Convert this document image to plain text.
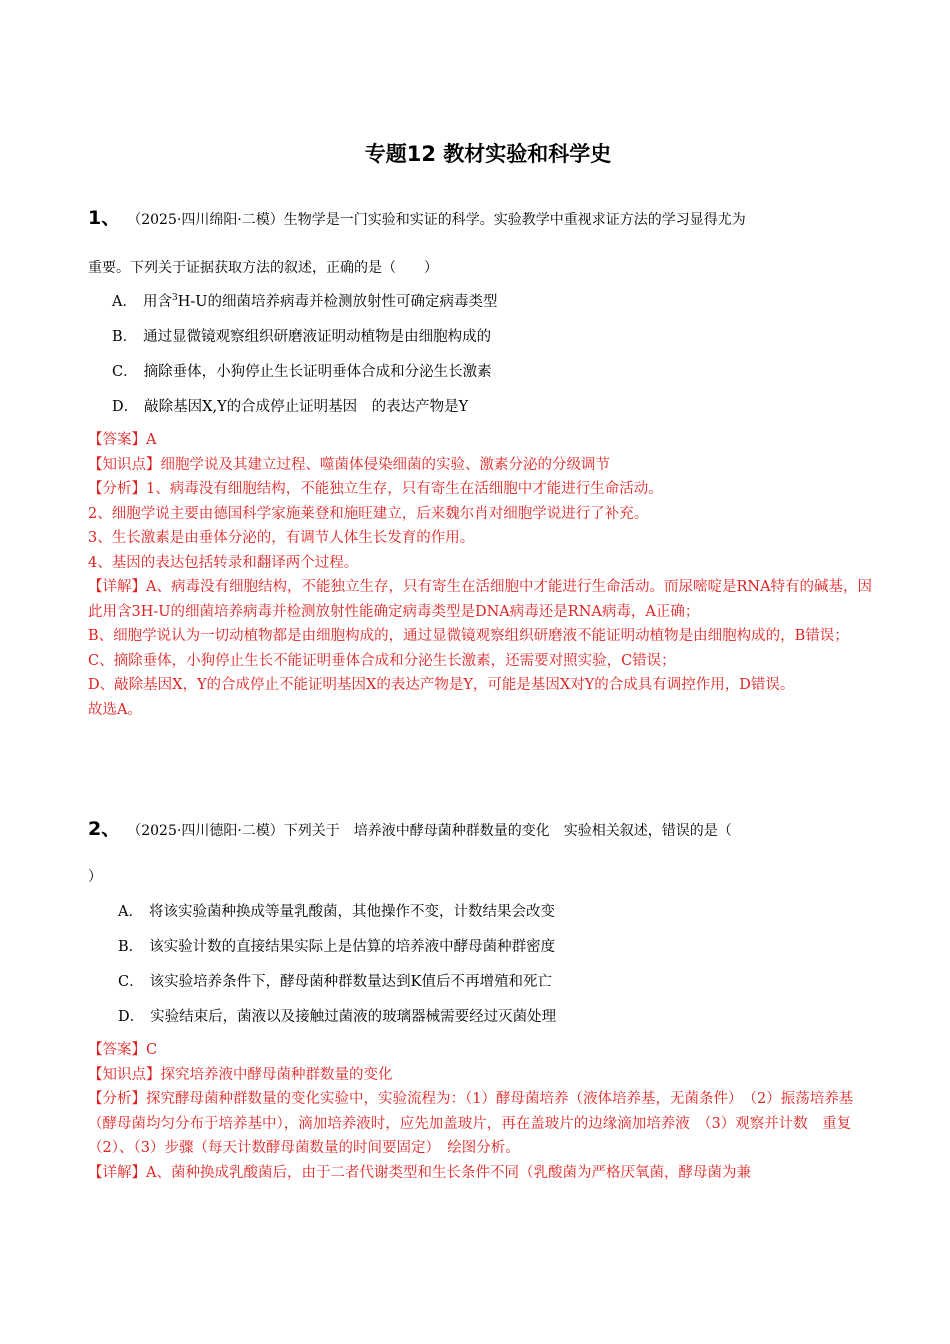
专题12 教材实验和科学史
1、 （2025·四川绵阳·二模）生物学是一门实验和实证的科学。实验教学中重视求证方法的学习显得尤为
重要。下列关于证据获取方法的叙述，正确的是（　　）
A． 用含$^3$H-U的细菌培养病毒并检测放射性可确定病毒类型
B． 通过显微镜观察组织研磨液证明动植物是由细胞构成的
C． 摘除垂体，小狗停止生长证明垂体合成和分泌生长激素
D． 敲除基因X,Y的合成停止证明基因　的表达产物是Y
【答案】A
【知识点】细胞学说及其建立过程、噬菌体侵染细菌的实验、激素分泌的分级调节
【分析】1、病毒没有细胞结构，不能独立生存，只有寄生在活细胞中才能进行生命活动。
2、细胞学说主要由德国科学家施莱登和施旺建立，后来魏尔肖对细胞学说进行了补充。
3、生长激素是由垂体分泌的，有调节人体生长发育的作用。
4、基因的表达包括转录和翻译两个过程。
【详解】A、病毒没有细胞结构，不能独立生存，只有寄生在活细胞中才能进行生命活动。而尿嘧啶是RNA特有的碱基，因此用含3H-U的细菌培养病毒并检测放射性能确定病毒类型是DNA病毒还是RNA病毒，A正确；
B、细胞学说认为一切动植物都是由细胞构成的，通过显微镜观察组织研磨液不能证明动植物是由细胞构成的，B错误；
C、摘除垂体，小狗停止生长不能证明垂体合成和分泌生长激素，还需要对照实验，C错误；
D、敲除基因X，Y的合成停止不能证明基因X的表达产物是Y，可能是基因X对Y的合成具有调控作用，D错误。
故选A。
2、 （2025·四川德阳·二模）下列关于　培养液中酵母菌种群数量的变化　实验相关叙述，错误的是（
）
A． 将该实验菌种换成等量乳酸菌，其他操作不变，计数结果会改变
B． 该实验计数的直接结果实际上是估算的培养液中酵母菌种群密度
C． 该实验培养条件下，酵母菌种群数量达到K值后不再增殖和死亡
D． 实验结束后，菌液以及接触过菌液的玻璃器械需要经过灭菌处理
【答案】C
【知识点】探究培养液中酵母菌种群数量的变化
【分析】探究酵母菌种群数量的变化实验中，实验流程为：（1）酵母菌培养（液体培养基，无菌条件）　（2）振荡培养基（酵母菌均匀分布于培养基中），滴加培养液时，应先加盖玻片，再在盖玻片的边缘滴加培养液　（3）观察并计数　重复（2）、（3）步骤（每天计数酵母菌数量的时间要固定）　绘图分析。
【详解】A、菌种换成乳酸菌后，由于二者代谢类型和生长条件不同（乳酸菌为严格厌氧菌，酵母菌为兼
